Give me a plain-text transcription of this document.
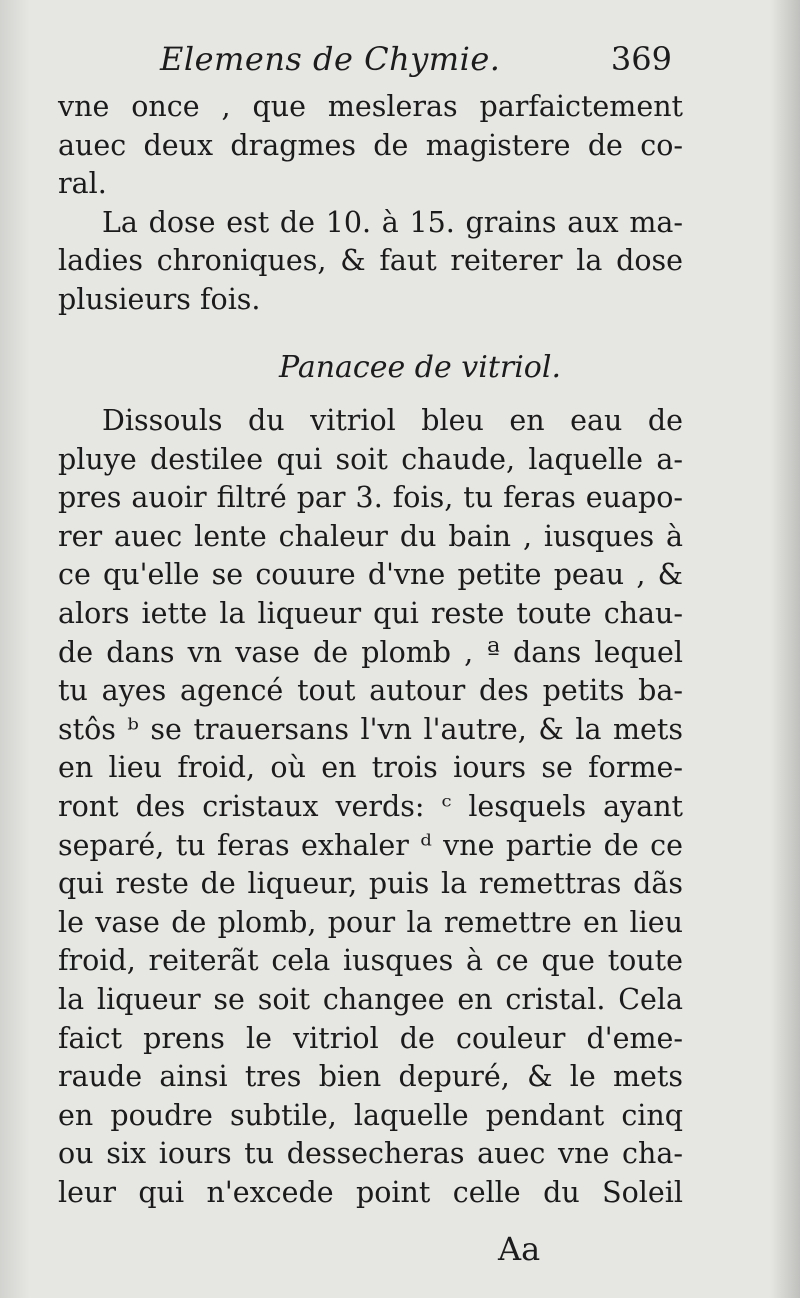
Elemens de Chymie.	369
vne once , que mesleras parfaictement
auec deux dragmes de magistere de co-
ral.
La dose est de 10. à 15. grains aux ma-
ladies chroniques, & faut reiterer la dose
plusieurs fois.
Panacee de vitriol.
Dissouls du vitriol bleu en eau de
pluye destilee qui soit chaude, laquelle a-
pres auoir filtré par 3. fois, tu feras euapo-
rer auec lente chaleur du bain , iusques à
ce qu'elle se couure d'vne petite peau , &
alors iette la liqueur qui reste toute chau-
de dans vn vase de plomb , ª dans lequel
tu ayes agencé tout autour des petits ba-
stôs ᵇ se trauersans l'vn l'autre, & la mets
en lieu froid, où en trois iours se forme-
ront des cristaux verds: ᶜ lesquels ayant
separé, tu feras exhaler ᵈ vne partie de ce
qui reste de liqueur, puis la remettras dãs
le vase de plomb, pour la remettre en lieu
froid, reiterãt cela iusques à ce que toute
la liqueur se soit changee en cristal. Cela
faict prens le vitriol de couleur d'eme-
raude ainsi tres bien depuré, & le mets
en poudre subtile, laquelle pendant cinq
ou six iours tu dessecheras auec vne cha-
leur qui n'excede point celle du Soleil
Aa
